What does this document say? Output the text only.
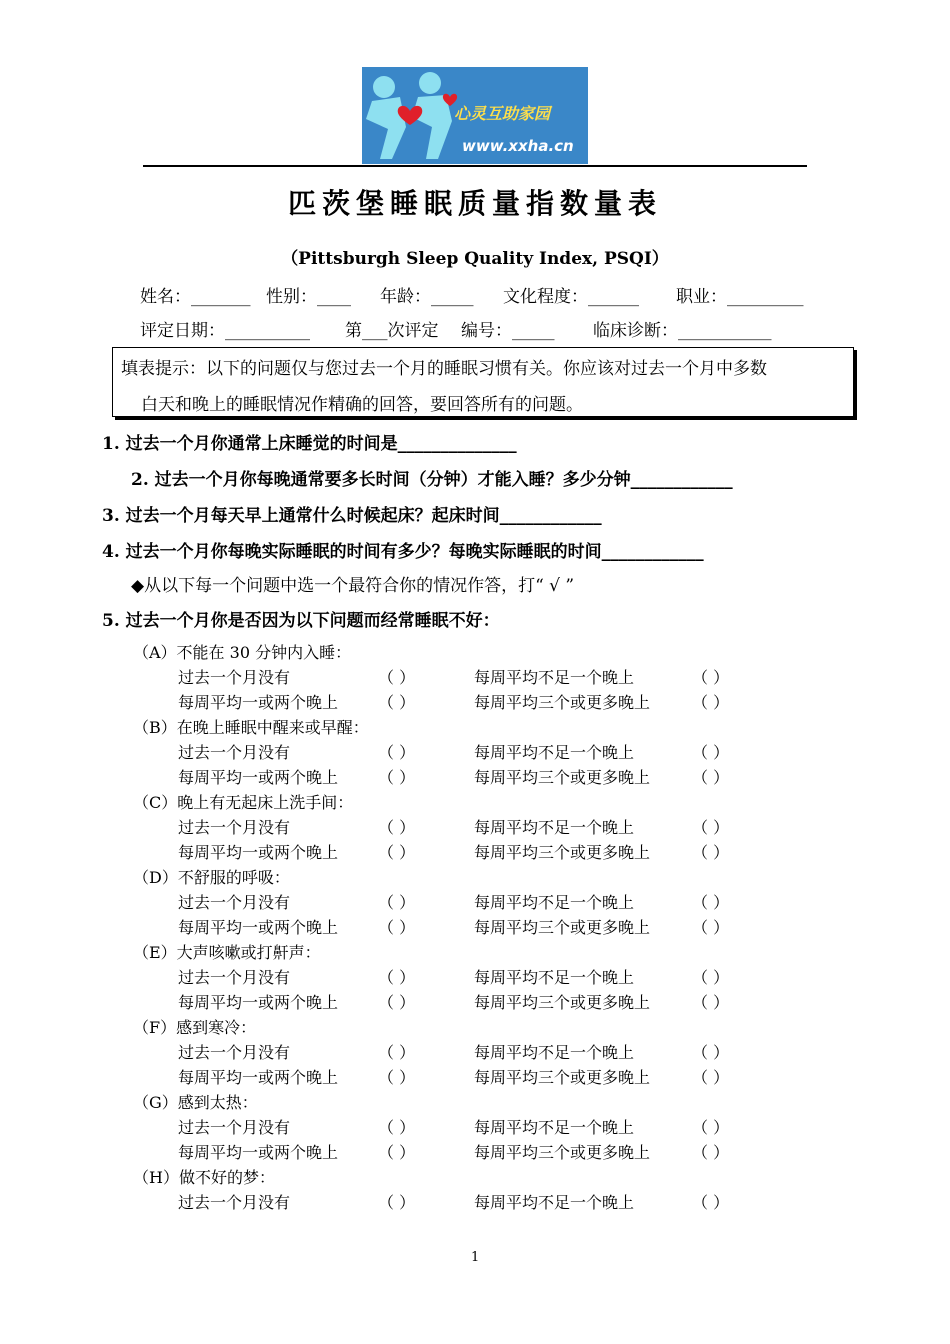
心灵互助家园
www.xxha.cn
匹茨堡睡眠质量指数量表
（Pittsburgh Sleep Quality Index, PSQI）
姓名：_______ 性别：____ 年龄：_____ 文化程度：______ 职业：_________
评定日期：__________ 第___次评定 编号：_____ 临床诊断：___________
填表提示：以下的问题仅与您过去一个月的睡眠习惯有关。你应该对过去一个月中多数
白天和晚上的睡眠情况作精确的回答，要回答所有的问题。
1. 过去一个月你通常上床睡觉的时间是______________
2. 过去一个月你每晚通常要多长时间（分钟）才能入睡？多少分钟____________
3. 过去一个月每天早上通常什么时候起床？起床时间____________
4. 过去一个月你每晚实际睡眠的时间有多少？每晚实际睡眠的时间____________
◆从以下每一个问题中选一个最符合你的情况作答，打“ √ ”
5. 过去一个月你是否因为以下问题而经常睡眠不好：
（A）不能在 30 分钟内入睡：
过去一个月没有	（ ）	每周平均不足一个晚上	（ ）
每周平均一或两个晚上 （ ）	每周平均三个或更多晚上	（ ）
（B）在晚上睡眠中醒来或早醒：
过去一个月没有	（ ）	每周平均不足一个晚上	（ ）
每周平均一或两个晚上 （ ）	每周平均三个或更多晚上	（ ）
（C）晚上有无起床上洗手间：
过去一个月没有	（ ）	每周平均不足一个晚上	（ ）
每周平均一或两个晚上 （ ）	每周平均三个或更多晚上	（ ）
（D）不舒服的呼吸：
过去一个月没有	（ ）	每周平均不足一个晚上	（ ）
每周平均一或两个晚上 （ ）	每周平均三个或更多晚上	（ ）
（E）大声咳嗽或打鼾声：
过去一个月没有	（ ）	每周平均不足一个晚上	（ ）
每周平均一或两个晚上 （ ）	每周平均三个或更多晚上	（ ）
（F）感到寒冷：
过去一个月没有	（ ）	每周平均不足一个晚上	（ ）
每周平均一或两个晚上 （ ）	每周平均三个或更多晚上	（ ）
（G）感到太热：
过去一个月没有	（ ）	每周平均不足一个晚上	（ ）
每周平均一或两个晚上 （ ）	每周平均三个或更多晚上	（ ）
（H）做不好的梦：
过去一个月没有	（ ）	每周平均不足一个晚上	（ ）
1
